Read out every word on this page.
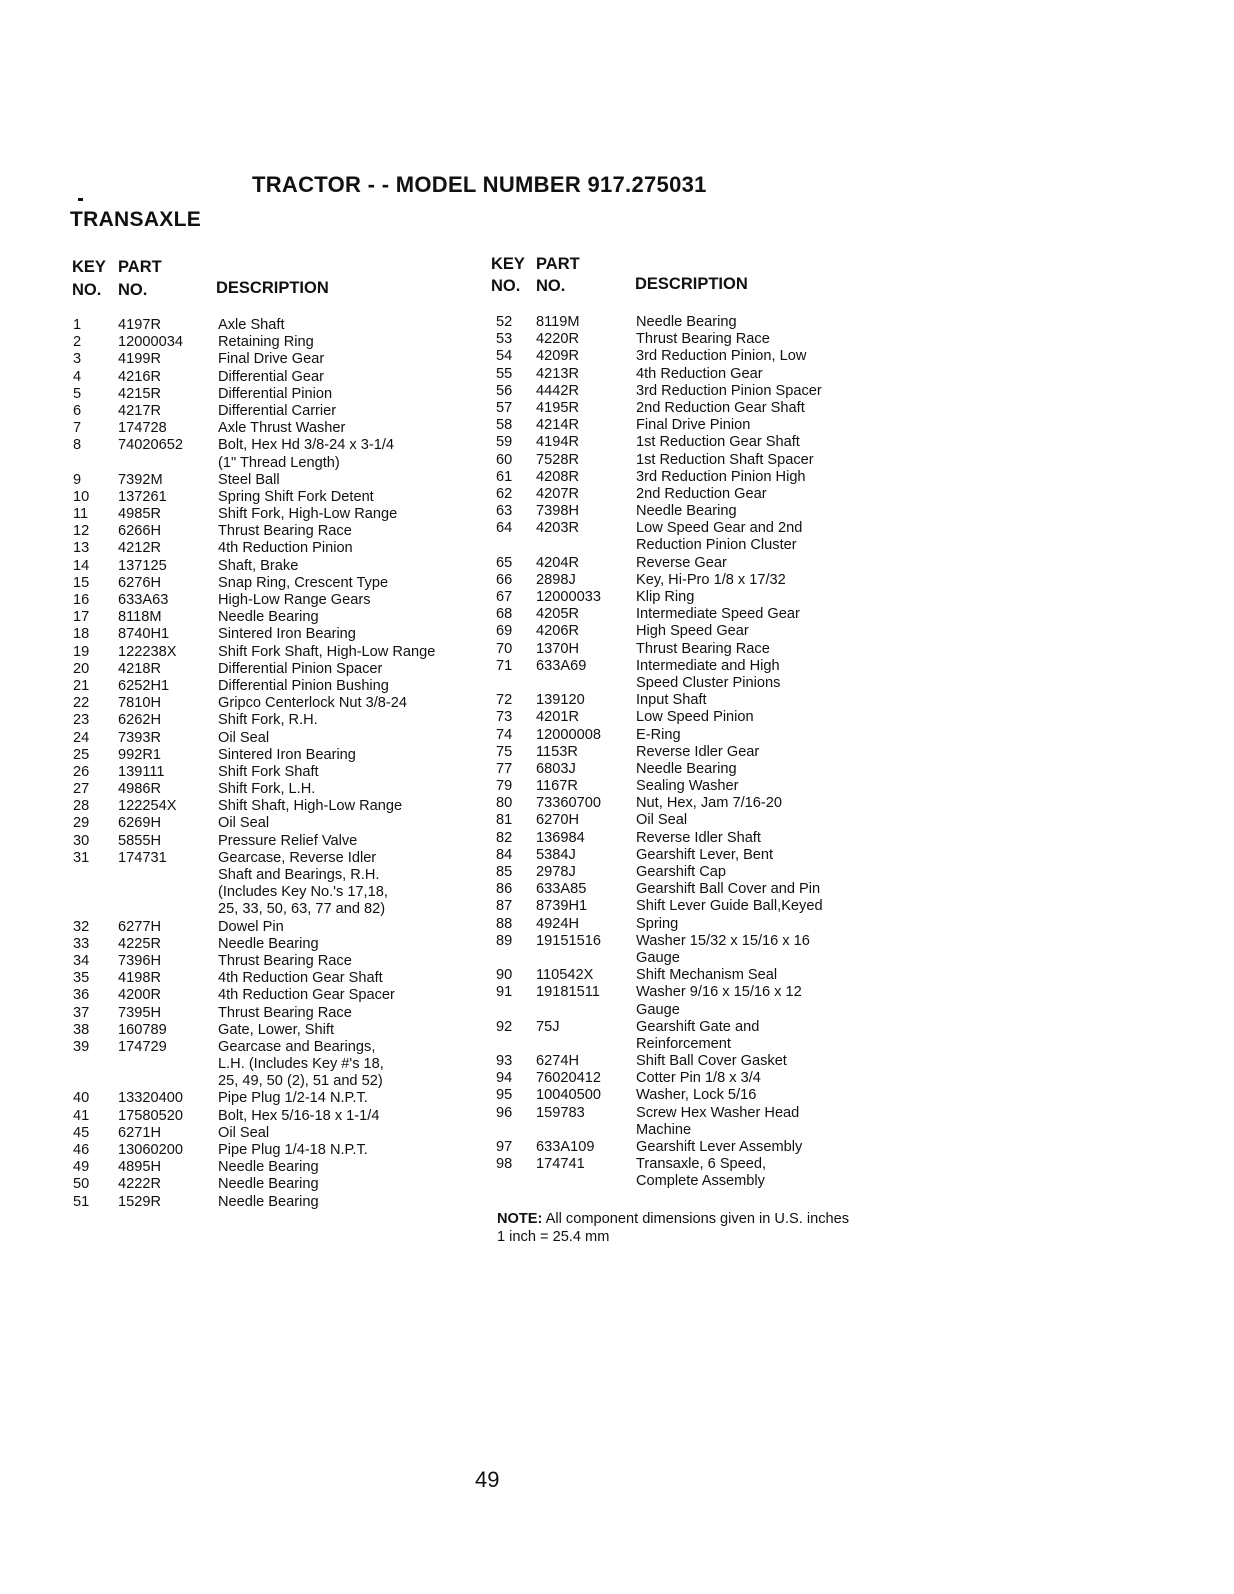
TRACTOR - - MODEL NUMBER 917.275031
TRANSAXLE
KEY
NO.
PART
NO.	DESCRIPTION
1	4197R	Axle Shaft
2	12000034 Retaining Ring
3	4199R	Final Drive Gear
4	4216R	Differential Gear
5	4215R	Differential Pinion
6	4217R	Differential Carrier
7	174728	Axle Thrust Washer
8	74020652 Bolt, Hex Hd 3/8-24 x 3-1/4
(1" Thread Length)
9	7392M	Steel Ball
10 137261	Spring Shift Fork Detent
11 4985R	Shift Fork, High-Low Range
12 6266H	Thrust Bearing Race
13 4212R	4th Reduction Pinion
14 137125	Shaft, Brake
15 6276H	Snap Ring, Crescent Type
16 633A63	High-Low Range Gears
17 8118M	Needle Bearing
18 8740H1	Sintered Iron Bearing
19 122238X	Shift Fork Shaft, High-Low Range
20 4218R	Differential Pinion Spacer
21 6252H1	Differential Pinion Bushing
22 7810H	Gripco Centerlock Nut 3/8-24
23 6262H	Shift Fork, R.H.
24 7393R	Oil Seal
25 992R1	Sintered Iron Bearing
26 139111	Shift Fork Shaft
27 4986R	Shift Fork, L.H.
28 122254X	Shift Shaft, High-Low Range
29 6269H	Oil Seal
30 5855H	Pressure Relief Valve
31 174731	Gearcase, Reverse Idler
Shaft and Bearings, R.H.
(Includes Key No.'s 17,18,
25, 33, 50, 63, 77 and 82)
32 6277H	Dowel Pin
33 4225R	Needle Bearing
34 7396H	Thrust Bearing Race
35 4198R	4th Reduction Gear Shaft
36 4200R	4th Reduction Gear Spacer
37 7395H	Thrust Bearing Race
38 160789	Gate, Lower, Shift
39 174729	Gearcase and Bearings,
L.H. (Includes Key #'s 18,
25, 49, 50 (2), 51 and 52)
40 13320400 Pipe Plug 1/2-14 N.P.T.
41 17580520 Bolt, Hex 5/16-18 x 1-1/4
45 6271H	Oil Seal
46 13060200 Pipe Plug 1/4-18 N.P.T.
49 4895H	Needle Bearing
50 4222R	Needle Bearing
51 1529R	Needle Bearing
KEY
NO.
PART
NO.	DESCRIPTION
52 8119M	Needle Bearing
53 4220R	Thrust Bearing Race
54 4209R	3rd Reduction Pinion, Low
55 4213R	4th Reduction Gear
56 4442R	3rd Reduction Pinion Spacer
57 4195R	2nd Reduction Gear Shaft
58 4214R	Final Drive Pinion
59 4194R	1st Reduction Gear Shaft
60 7528R	1st Reduction Shaft Spacer
61 4208R	3rd Reduction Pinion High
62 4207R	2nd Reduction Gear
63 7398H	Needle Bearing
64 4203R	Low Speed Gear and 2nd
Reduction Pinion Cluster
65 4204R	Reverse Gear
66 2898J	Key, Hi-Pro 1/8 x 17/32
67 12000033 Klip Ring
68 4205R	Intermediate Speed Gear
69 4206R	High Speed Gear
70 1370H	Thrust Bearing Race
71 633A69	Intermediate and High
Speed Cluster Pinions
72 139120	Input Shaft
73 4201R	Low Speed Pinion
74 12000008 E-Ring
75 1153R	Reverse Idler Gear
77 6803J	Needle Bearing
79 1167R	Sealing Washer
80 73360700 Nut, Hex, Jam 7/16-20
81 6270H	Oil Seal
82 136984	Reverse Idler Shaft
84 5384J	Gearshift Lever, Bent
85 2978J	Gearshift Cap
86 633A85	Gearshift Ball Cover and Pin
87 8739H1	Shift Lever Guide Ball,Keyed
88 4924H	Spring
89 19151516 Washer 15/32 x 15/16 x 16
Gauge
90 110542X	Shift Mechanism Seal
91 19181511 Washer 9/16 x 15/16 x 12
Gauge
92 75J	Gearshift Gate and
Reinforcement
93 6274H	Shift Ball Cover Gasket
94 76020412 Cotter Pin 1/8 x 3/4
95 10040500 Washer, Lock 5/16
96 159783	Screw Hex Washer Head
Machine
97 633A109	Gearshift Lever Assembly
98 174741	Transaxle, 6 Speed,
Complete Assembly
NOTE: All component dimensions given in U.S. inches
1 inch = 25.4 mm
49
